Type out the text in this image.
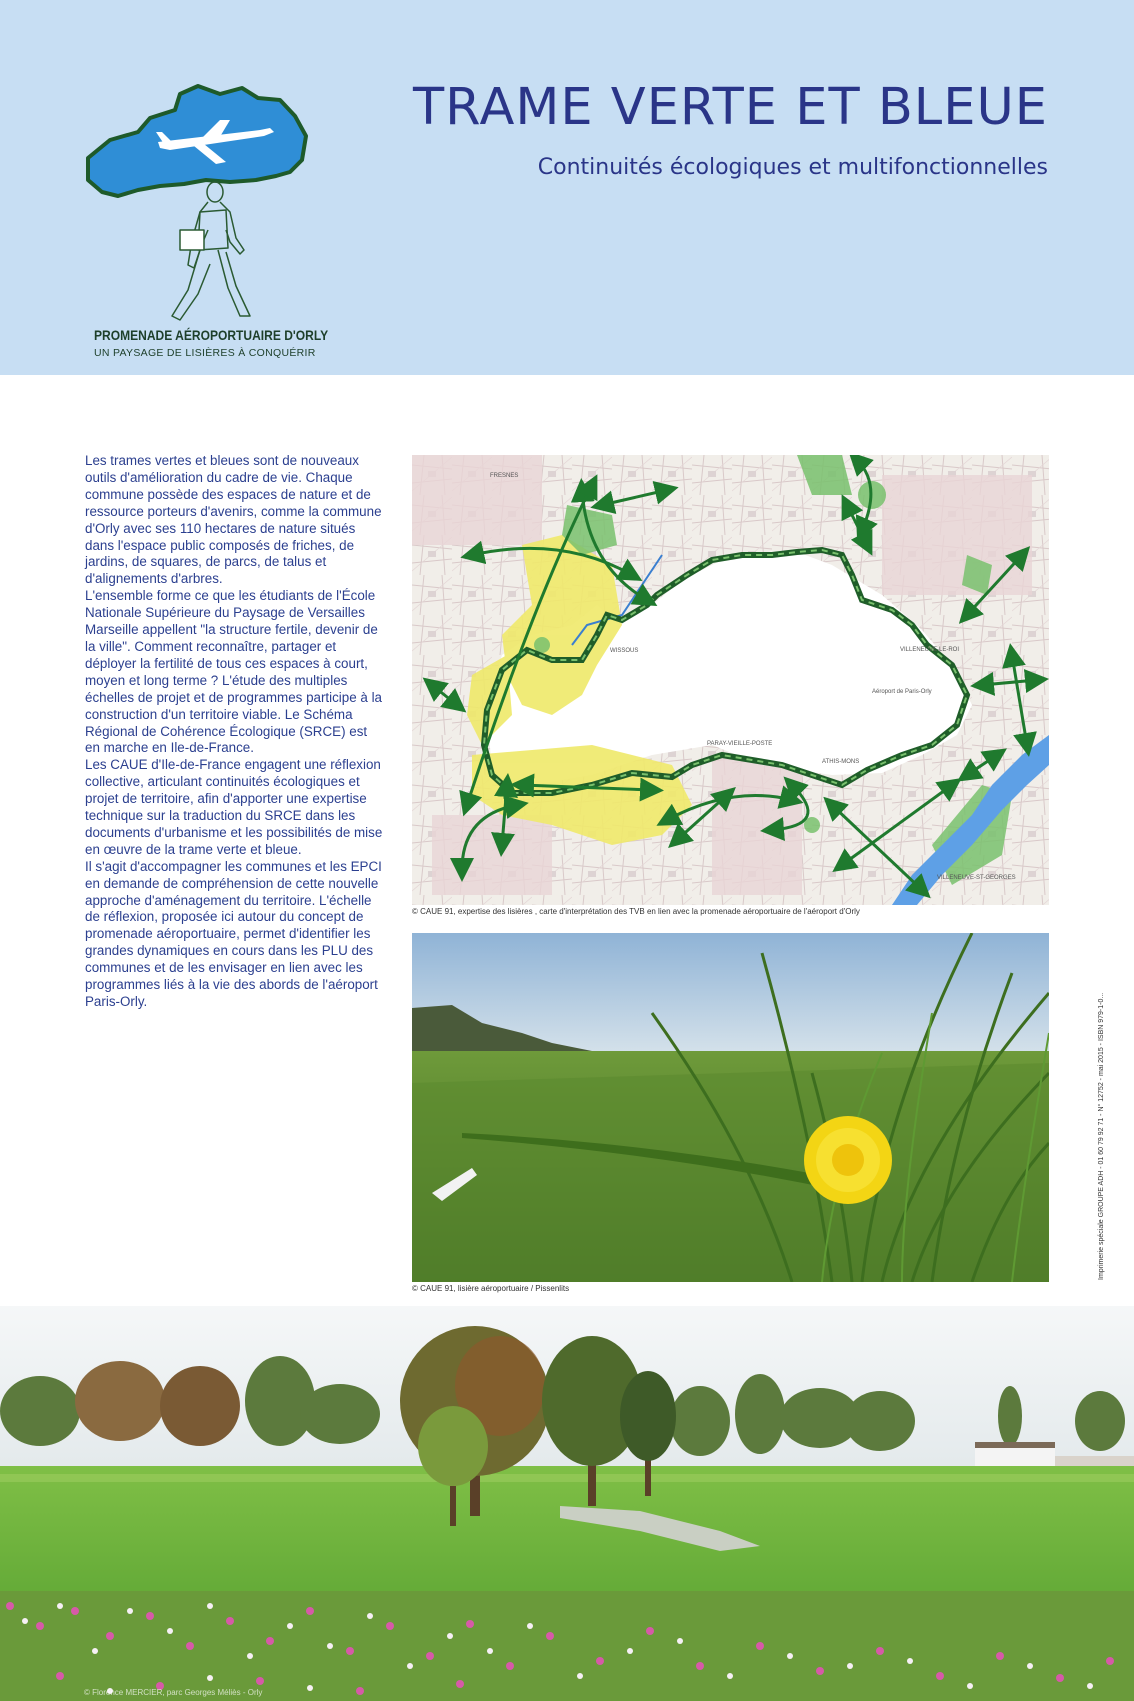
PROMENADE AÉROPORTUAIRE D'ORLY
UN PAYSAGE DE LISIÈRES À CONQUÉRIR
TRAME VERTE ET BLEUE
Continuités écologiques et multifonctionnelles

Les trames vertes et bleues sont de nouveaux outils d'amélioration du cadre de vie. Chaque commune possède des espaces de nature et de ressource porteurs d'avenirs, comme la commune d'Orly avec ses 110 hectares de nature situés dans l'espace public composés de friches, de jardins, de squares, de parcs, de talus et d'alignements d'arbres.

L'ensemble forme ce que les étudiants de l'École Nationale Supérieure du Paysage de Versailles Marseille appellent "la structure fertile, devenir de la ville". Comment reconnaître, partager et déployer la fertilité de tous ces espaces à court, moyen et long terme ? L'étude des multiples échelles de projet et de programmes participe à la construction d'un territoire viable. Le Schéma Régional de Cohérence Écologique (SRCE) est en marche en Ile-de-France.

Les CAUE d'Ile-de-France engagent une réflexion collective, articulant continuités écologiques et projet de territoire, afin d'apporter une expertise technique sur la traduction du SRCE dans les documents d'urbanisme et les possibilités de mise en œuvre de la trame verte et bleue.

Il s'agit d'accompagner les communes et les EPCI en demande de compréhension de cette nouvelle approche d'aménagement du territoire. L'échelle de réflexion, proposée ici autour du concept de promenade aéroportuaire, permet d'identifier les grandes dynamiques en cours dans les PLU des communes et de les envisager en lien avec les programmes liés à la vie des abords de l'aéroport Paris-Orly.

FRESNES
WISSOUS
PARAY-VIEILLE-POSTE
ATHIS-MONS
VILLENEUVE-LE-ROI
Aéroport de Paris-Orly
VILLENEUVE-ST-GEORGES
© CAUE 91, expertise des lisières , carte d'interprétation des TVB en lien avec la promenade aéroportuaire de l'aéroport d'Orly
© CAUE 91, lisière aéroportuaire / Pissenlits
Imprimerie spéciale GROUPE ADH - 01 60 79 92 71 - N° 12752 - mai 2015 - ISBN 979-1-0...
© Florence MERCIER, parc Georges Méliès - Orly
